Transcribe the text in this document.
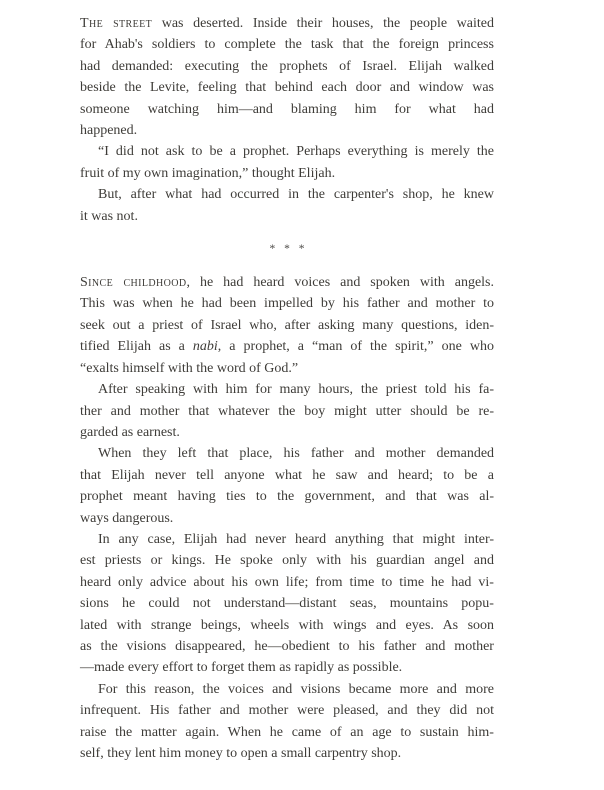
The street was deserted. Inside their houses, the people waited
for Ahab's soldiers to complete the task that the foreign princess
had demanded: executing the prophets of Israel. Elijah walked
beside the Levite, feeling that behind each door and window was
someone watching him—and blaming him for what had
happened.
“I did not ask to be a prophet. Perhaps everything is merely the
fruit of my own imagination,” thought Elijah.
But, after what had occurred in the carpenter's shop, he knew
it was not.
* * *
Since childhood, he had heard voices and spoken with angels.
This was when he had been impelled by his father and mother to
seek out a priest of Israel who, after asking many questions, iden-
tified Elijah as a nabi, a prophet, a “man of the spirit,” one who
“exalts himself with the word of God.”
After speaking with him for many hours, the priest told his fa-
ther and mother that whatever the boy might utter should be re-
garded as earnest.
When they left that place, his father and mother demanded
that Elijah never tell anyone what he saw and heard; to be a
prophet meant having ties to the government, and that was al-
ways dangerous.
In any case, Elijah had never heard anything that might inter-
est priests or kings. He spoke only with his guardian angel and
heard only advice about his own life; from time to time he had vi-
sions he could not understand—distant seas, mountains popu-
lated with strange beings, wheels with wings and eyes. As soon
as the visions disappeared, he—obedient to his father and mother
—made every effort to forget them as rapidly as possible.
For this reason, the voices and visions became more and more
infrequent. His father and mother were pleased, and they did not
raise the matter again. When he came of an age to sustain him-
self, they lent him money to open a small carpentry shop.
